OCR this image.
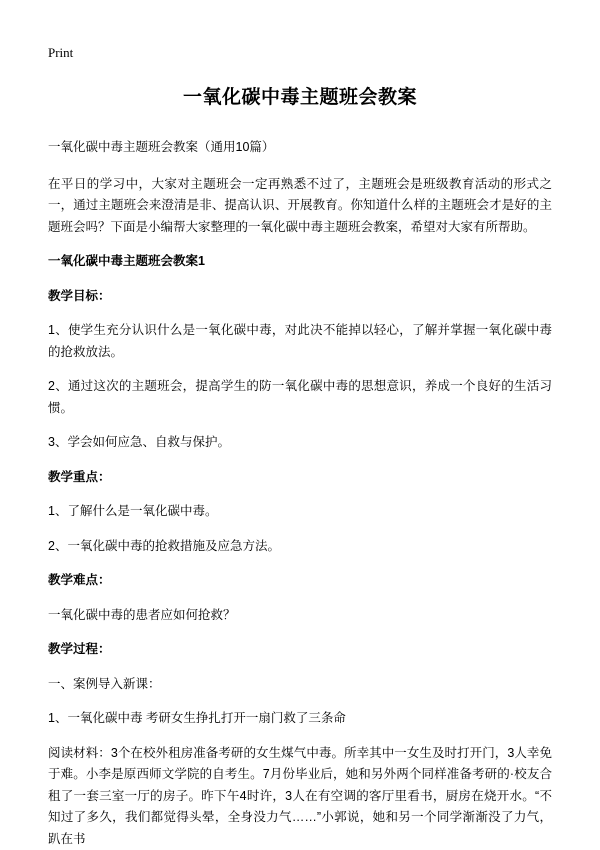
Print
一氧化碳中毒主题班会教案

一氧化碳中毒主题班会教案（通用10篇）

在平日的学习中，大家对主题班会一定再熟悉不过了，主题班会是班级教育活动的形式之一，通过主题班会来澄清是非、提高认识、开展教育。你知道什么样的主题班会才是好的主题班会吗？下面是小编帮大家整理的一氧化碳中毒主题班会教案，希望对大家有所帮助。

一氧化碳中毒主题班会教案1

教学目标：

1、使学生充分认识什么是一氧化碳中毒，对此决不能掉以轻心，了解并掌握一氧化碳中毒的抢救放法。

2、通过这次的主题班会，提高学生的防一氧化碳中毒的思想意识，养成一个良好的生活习惯。

3、学会如何应急、自救与保护。

教学重点：

1、了解什么是一氧化碳中毒。

2、一氧化碳中毒的抢救措施及应急方法。

教学难点：

一氧化碳中毒的患者应如何抢救？

教学过程：

一、案例导入新课：

1、一氧化碳中毒 考研女生挣扎打开一扇门救了三条命

阅读材料：3个在校外租房准备考研的女生煤气中毒。所幸其中一女生及时打开门，3人幸免于难。小李是原西师文学院的自考生。7月份毕业后，她和另外两个同样准备考研的·校友合租了一套三室一厅的房子。昨下午4时许，3人在有空调的客厅里看书，厨房在烧开水。“不知过了多久，我们都觉得头晕，全身没力气……”小郭说，她和另一个同学渐渐没了力气，趴在书
